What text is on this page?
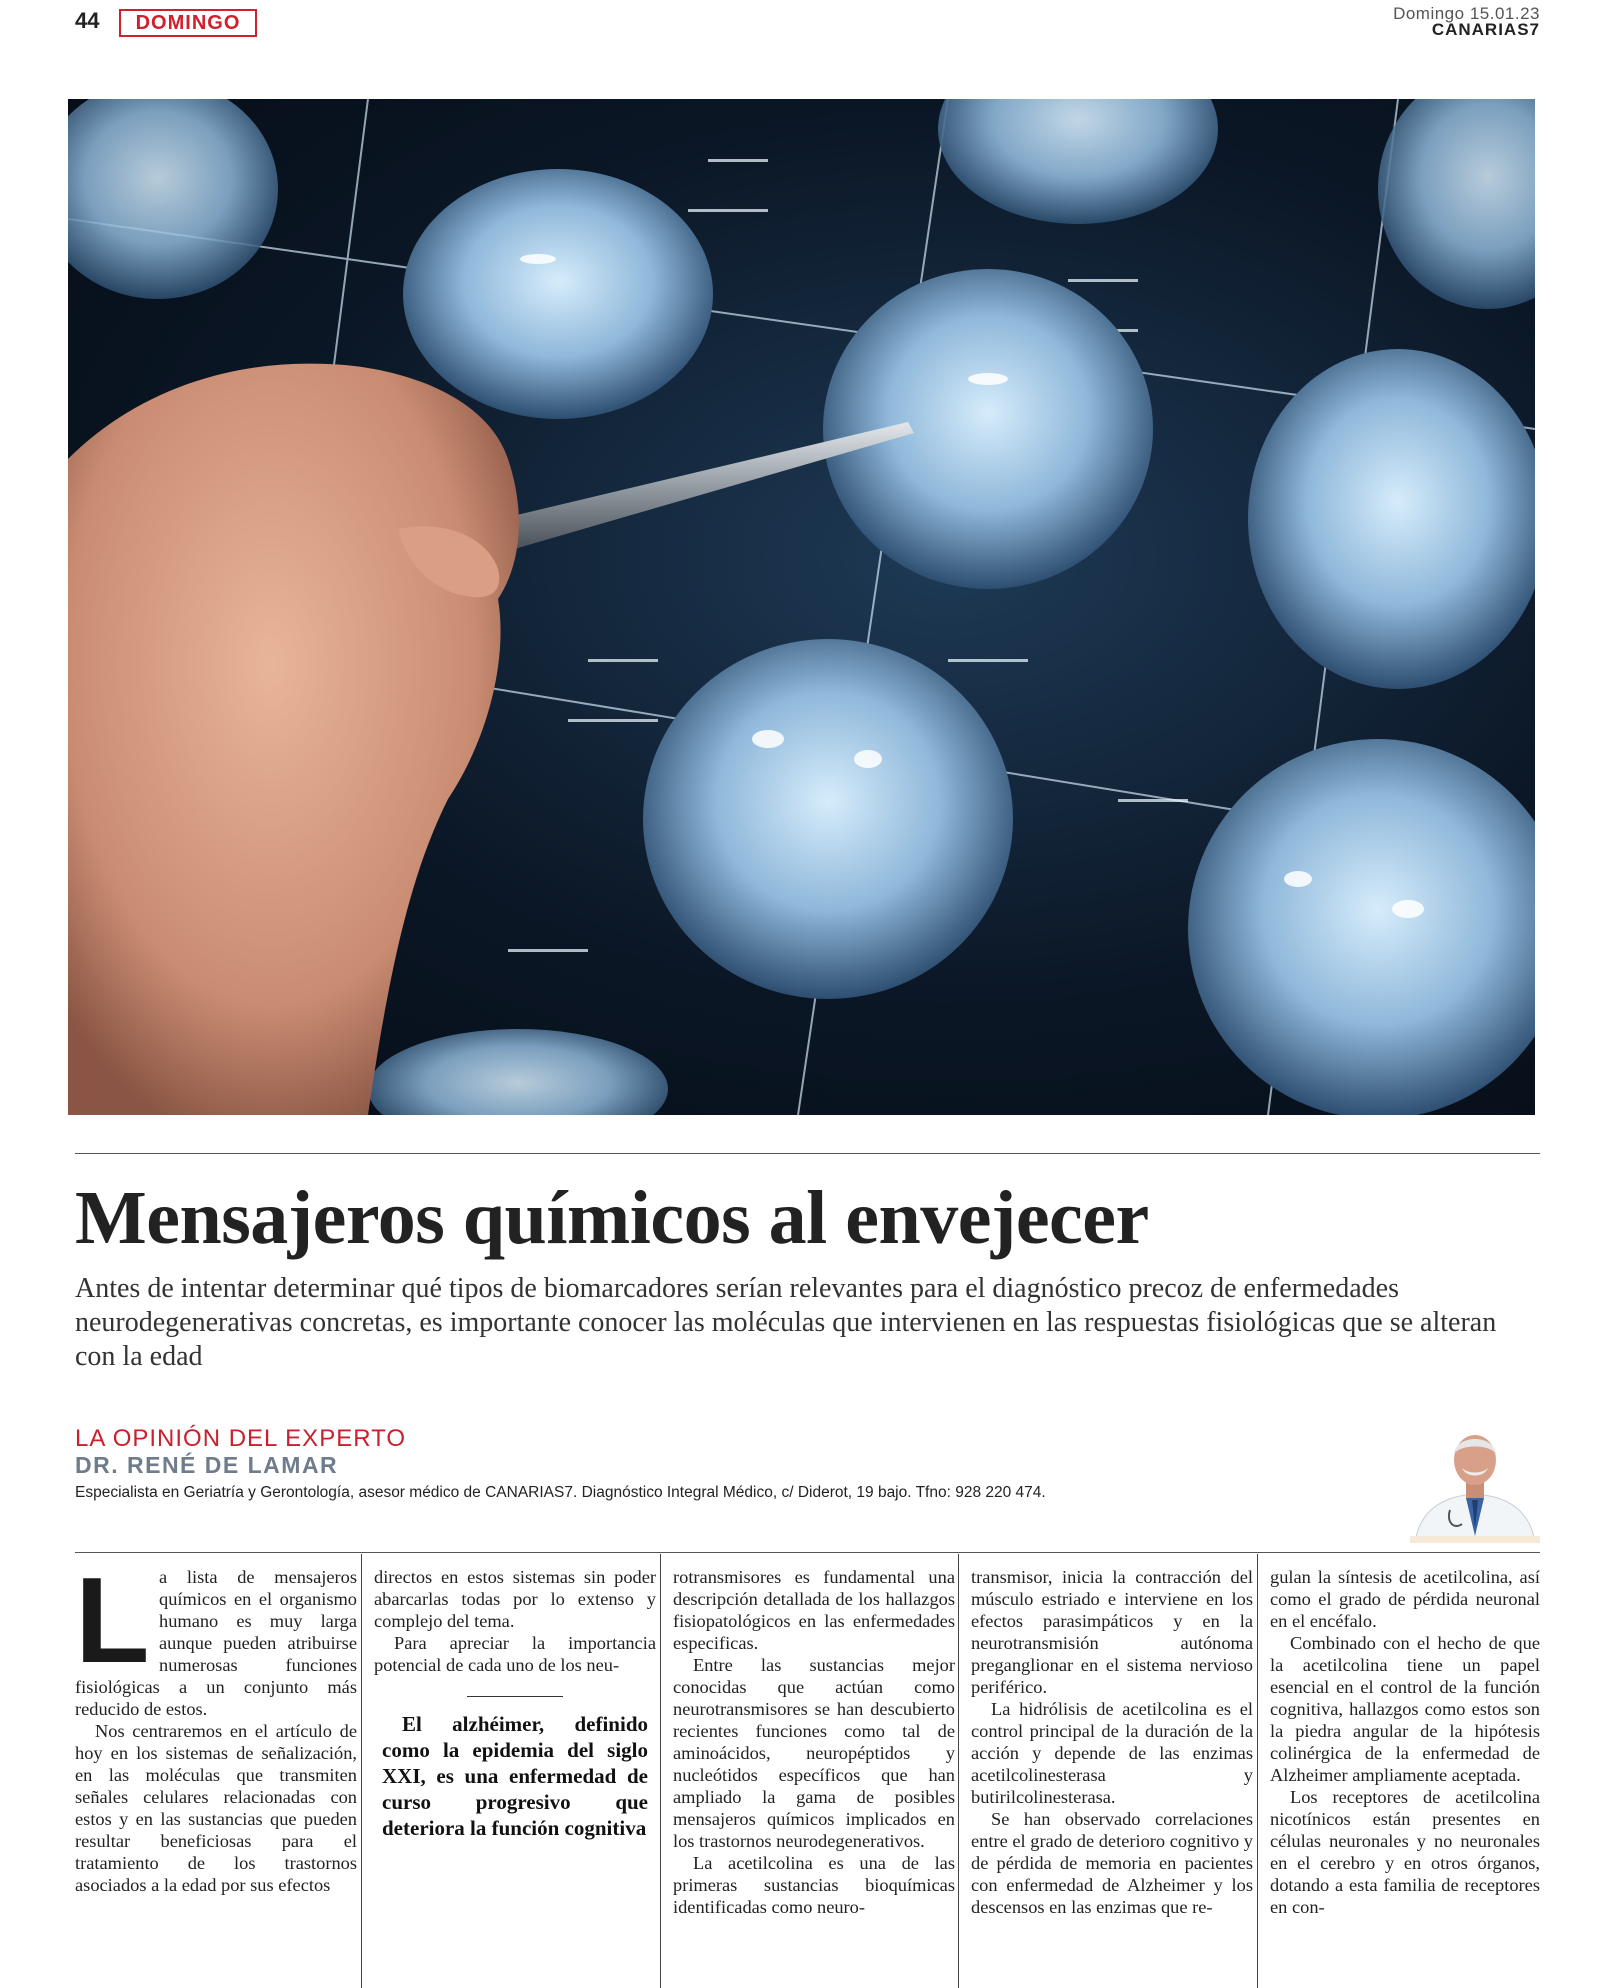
44	DOMINGO	Domingo 15.01.23
CANARIAS7
Mensajeros químicos al envejecer

Antes de intentar determinar qué tipos de biomarcadores serían relevantes para el diagnóstico precoz de enfermedades neurodegenerativas concretas, es importante conocer las moléculas que intervienen en las respuestas fisiológicas que se alteran con la edad

LA OPINIÓN DEL EXPERTO
DR. RENÉ DE LAMAR
Especialista en Geriatría y Gerontología, asesor médico de CANARIAS7. Diagnóstico Integral Médico, c/ Diderot, 19 bajo. Tfno: 928 220 474.
L a lista de mensajeros químicos en el organismo humano es muy larga aunque pueden atribuirse numerosas funciones fisiológicas a un conjunto más reducido de estos.

Nos centraremos en el artículo de hoy en los sistemas de señalización, en las moléculas que transmiten señales celulares relacionadas con estos y en las sustancias que pueden resultar beneficiosas para el tratamiento de los trastornos asociados a la edad por sus efectos

directos en estos sistemas sin poder abarcarlas todas por lo extenso y complejo del tema.

Para apreciar la importancia potencial de cada uno de los neu-

El alzhéimer, definido como la epidemia del siglo XXI, es una enfermedad de curso progresivo que deteriora la función cognitiva

rotransmisores es fundamental una descripción detallada de los hallazgos fisiopatológicos en las enfermedades especificas.

Entre las sustancias mejor conocidas que actúan como neurotransmisores se han descubierto recientes funciones como tal de aminoácidos, neuropéptidos y nucleótidos específicos que han ampliado la gama de posibles mensajeros químicos implicados en los trastornos neurodegenerativos.

La acetilcolina es una de las primeras sustancias bioquímicas identificadas como neuro-

transmisor, inicia la contracción del músculo estriado e interviene en los efectos parasimpáticos y en la neurotransmisión autónoma preganglionar en el sistema nervioso periférico.

La hidrólisis de acetilcolina es el control principal de la duración de la acción y depende de las enzimas acetilcolinesterasa y butirilcolinesterasa.

Se han observado correlaciones entre el grado de deterioro cognitivo y de pérdida de memoria en pacientes con enfermedad de Alzheimer y los descensos en las enzimas que re-

gulan la síntesis de acetilcolina, así como el grado de pérdida neuronal en el encéfalo.

Combinado con el hecho de que la acetilcolina tiene un papel esencial en el control de la función cognitiva, hallazgos como estos son la piedra angular de la hipótesis colinérgica de la enfermedad de Alzheimer ampliamente aceptada.

Los receptores de acetilcolina nicotínicos están presentes en células neuronales y no neuronales en el cerebro y en otros órganos, dotando a esta familia de receptores en con-
